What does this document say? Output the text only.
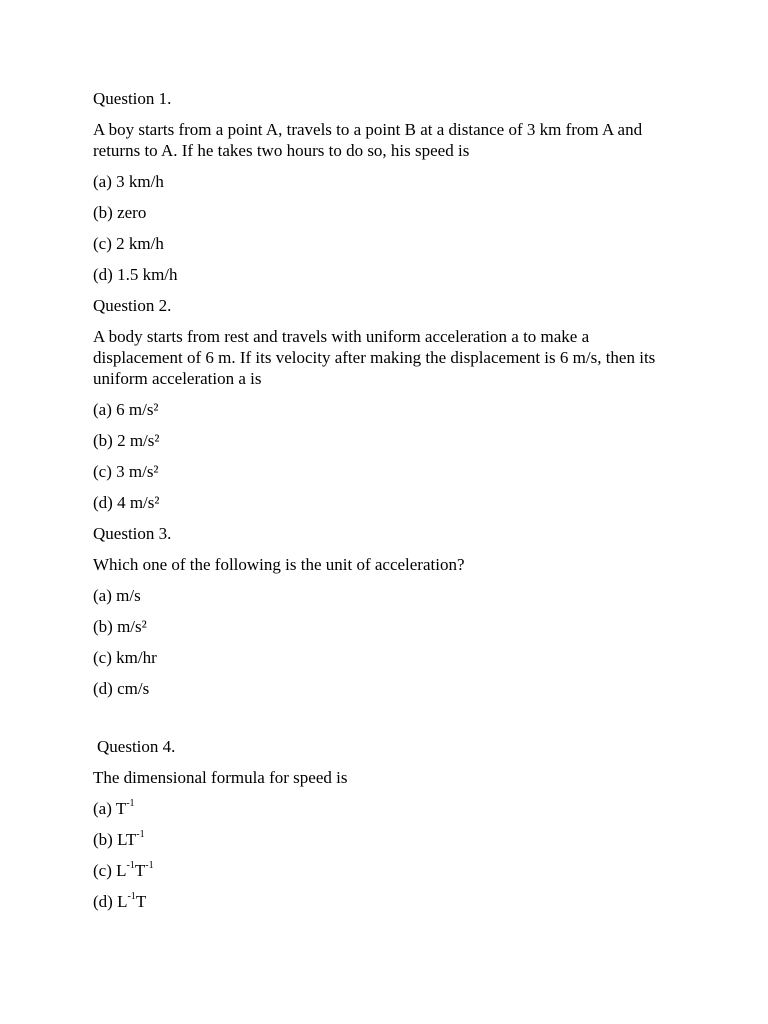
Question 1.

A boy starts from a point A, travels to a point B at a distance of 3 km from A and returns to A. If he takes two hours to do so, his speed is

(a) 3 km/h

(b) zero

(c) 2 km/h

(d) 1.5 km/h

Question 2.

A body starts from rest and travels with uniform acceleration a to make a displacement of 6 m. If its velocity after making the displacement is 6 m/s, then its uniform acceleration a is

(a) 6 m/s²

(b) 2 m/s²

(c) 3 m/s²

(d) 4 m/s²

Question 3.

Which one of the following is the unit of acceleration?

(a) m/s

(b) m/s²

(c) km/hr

(d) cm/s

Question 4.

The dimensional formula for speed is

(a) $T^{-1}$

(b) $LT^{-1}$

(c) $L^{-1}T^{-1}$

(d) $L^{-1}T$
